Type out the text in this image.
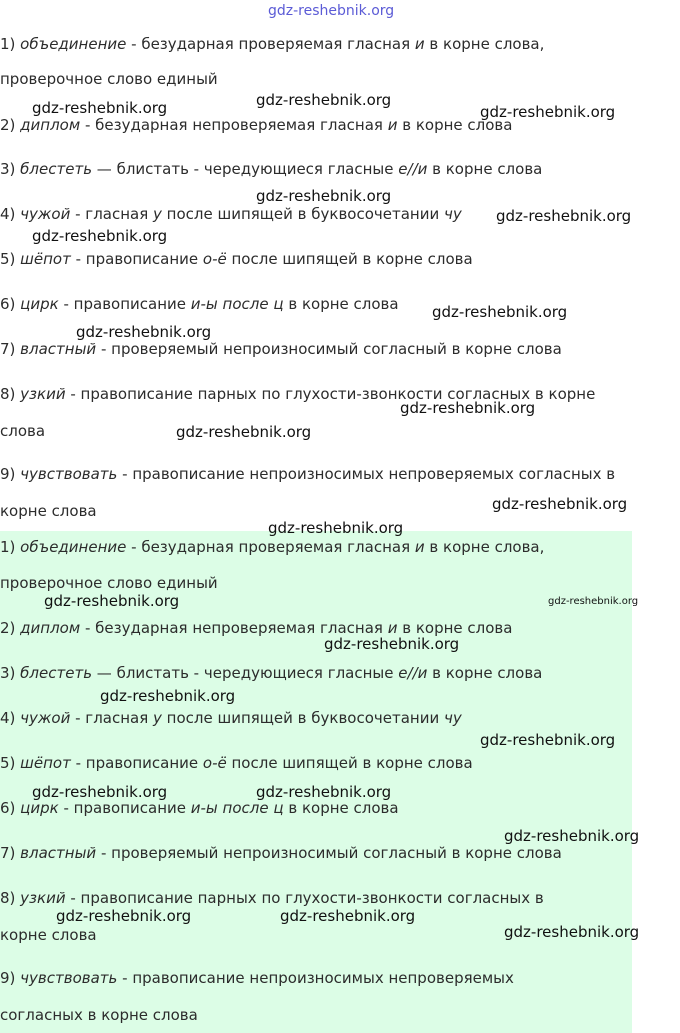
1) объединение - безударная проверяемая гласная и в корне слова,
проверочное слово единый
2) диплом - безударная непроверяемая гласная и в корне слова
3) блестеть — блистать - чередующиеся гласные е//и в корне слова
4) чужой - гласная у после шипящей в буквосочетании чу
5) шёпот - правописание о-ё после шипящей в корне слова
6) цирк - правописание и-ы после ц в корне слова
7) властный - проверяемый непроизносимый согласный в корне слова
8) узкий - правописание парных по глухости-звонкости согласных в корне
слова
9) чувствовать - правописание непроизносимых непроверяемых согласных в
корне слова
1) объединение - безударная проверяемая гласная и в корне слова,
проверочное слово единый
2) диплом - безударная непроверяемая гласная и в корне слова
3) блестеть — блистать - чередующиеся гласные е//и в корне слова
4) чужой - гласная у после шипящей в буквосочетании чу
5) шёпот - правописание о-ё после шипящей в корне слова
6) цирк - правописание и-ы после ц в корне слова
7) властный - проверяемый непроизносимый согласный в корне слова
8) узкий - правописание парных по глухости-звонкости согласных в
корне слова
9) чувствовать - правописание непроизносимых непроверяемых
согласных в корне слова
gdz-reshebnik.org
gdz-reshebnik.org
gdz-reshebnik.org	gdz-reshebnik.org
gdz-reshebnik.org
gdz-reshebnik.org
gdz-reshebnik.org
gdz-reshebnik.org
gdz-reshebnik.org
gdz-reshebnik.org
gdz-reshebnik.org
gdz-reshebnik.org
gdz-reshebnik.org
gdz-reshebnik.org	gdz-reshebnik.org
gdz-reshebnik.org
gdz-reshebnik.org
gdz-reshebnik.org
gdz-reshebnik.org	gdz-reshebnik.org
gdz-reshebnik.org
gdz-reshebnik.org	gdz-reshebnik.org
gdz-reshebnik.org
